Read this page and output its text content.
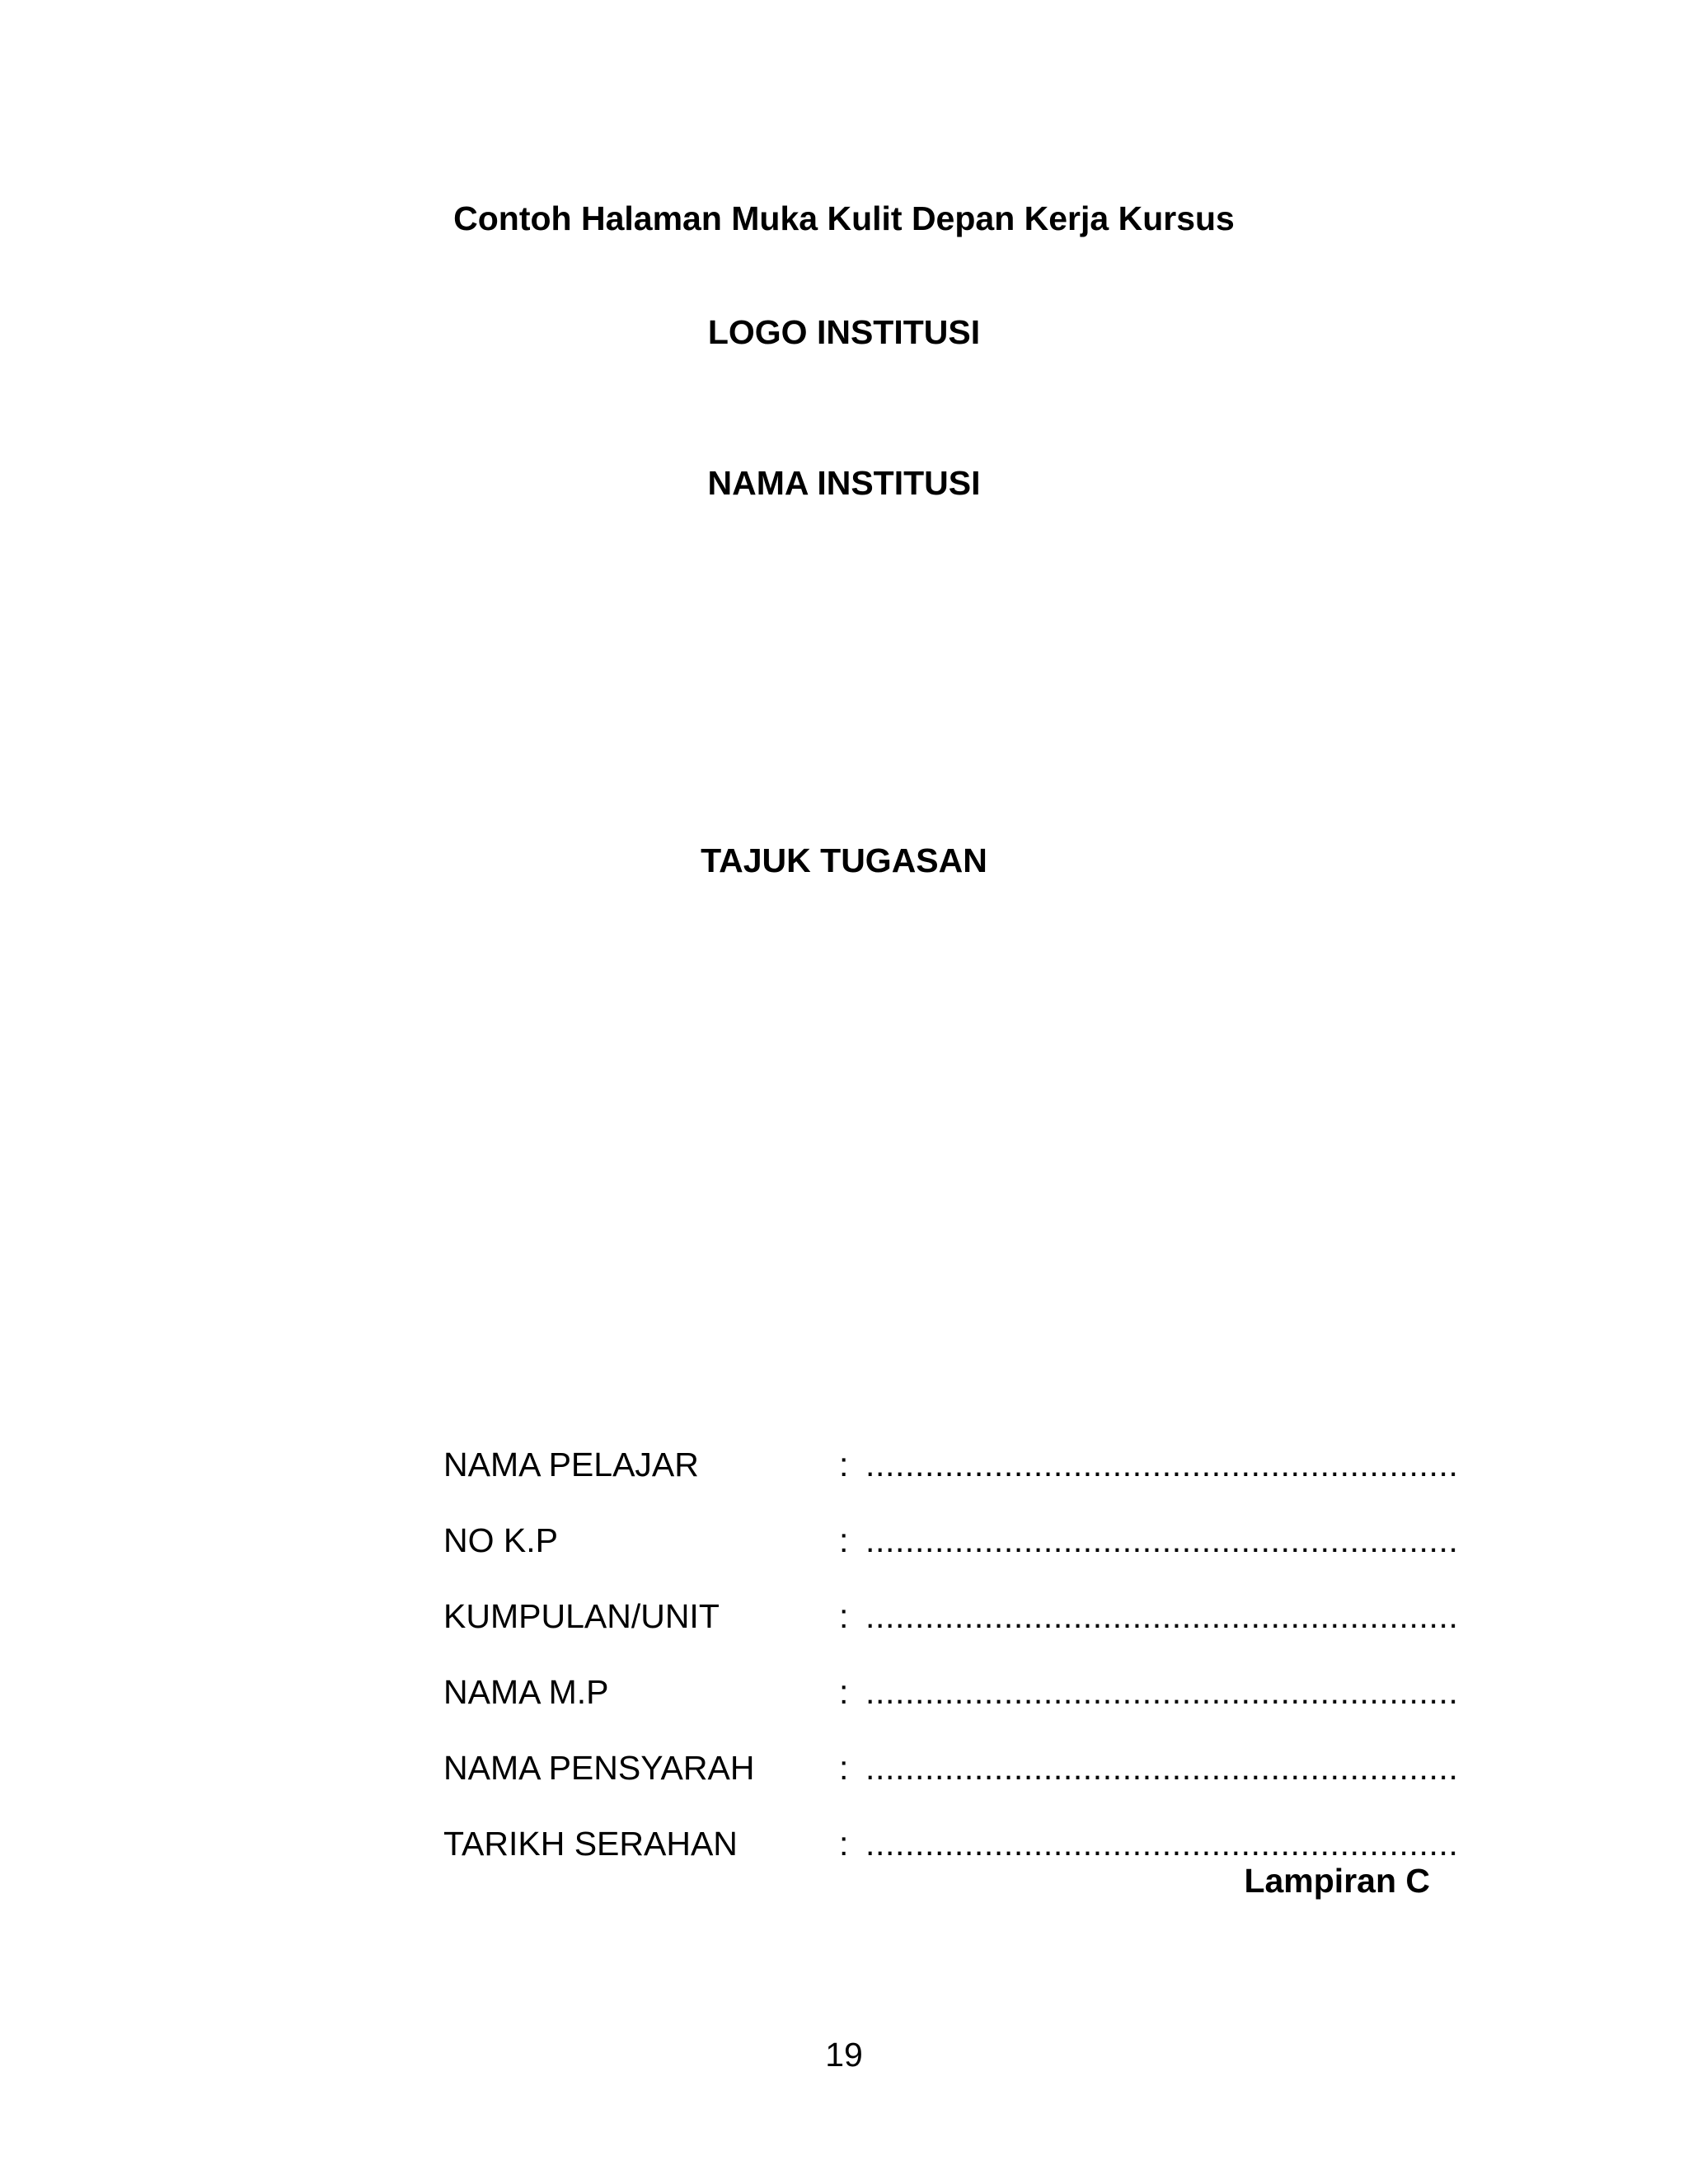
Contoh Halaman Muka Kulit Depan Kerja Kursus
LOGO INSTITUSI
NAMA INSTITUSI
TAJUK TUGASAN
NAMA PELAJAR	: ............................................................
NO K.P	: ............................................................
KUMPULAN/UNIT	: ............................................................
NAMA M.P	: ............................................................
NAMA PENSYARAH	: ............................................................
TARIKH SERAHAN	: ............................................................
Lampiran C
19
